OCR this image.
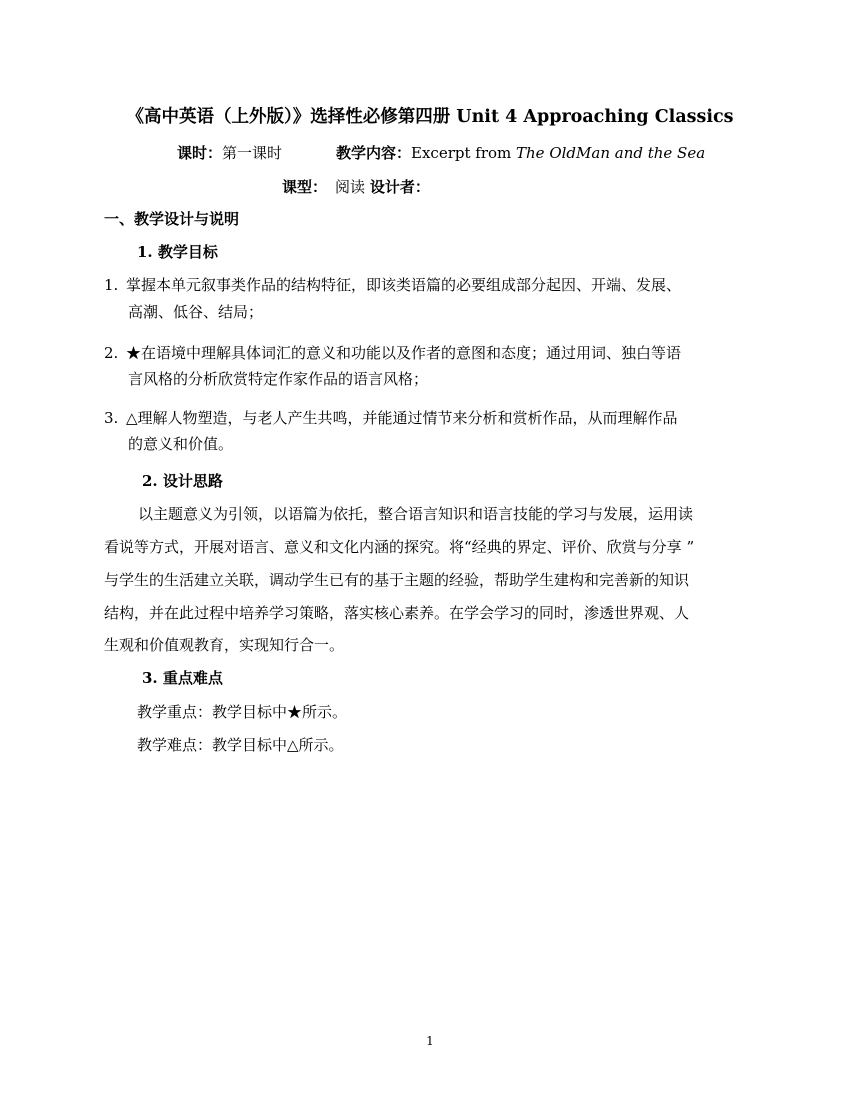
《高中英语（上外版）》选择性必修第四册 Unit 4 Approaching Classics
课时：第一课时	教学内容：Excerpt from The OldMan and the Sea
课型： 阅读 设计者：
一、教学设计与说明
1. 教学目标
1. 掌握本单元叙事类作品的结构特征，即该类语篇的必要组成部分起因、开端、发展、
高潮、低谷、结局；
2. ★在语境中理解具体词汇的意义和功能以及作者的意图和态度；通过用词、独白等语
言风格的分析欣赏特定作家作品的语言风格；
3. △理解人物塑造，与老人产生共鸣，并能通过情节来分析和赏析作品，从而理解作品
的意义和价值。
2. 设计思路
以主题意义为引领，以语篇为依托，整合语言知识和语言技能的学习与发展，运用读
看说等方式，开展对语言、意义和文化内涵的探究。将“经典的界定、评价、欣赏与分享 ”
与学生的生活建立关联，调动学生已有的基于主题的经验，帮助学生建构和完善新的知识
结构，并在此过程中培养学习策略，落实核心素养。在学会学习的同时，渗透世界观、人
生观和价值观教育，实现知行合一。
3. 重点难点
教学重点：教学目标中★所示。
教学难点：教学目标中△所示。
1
